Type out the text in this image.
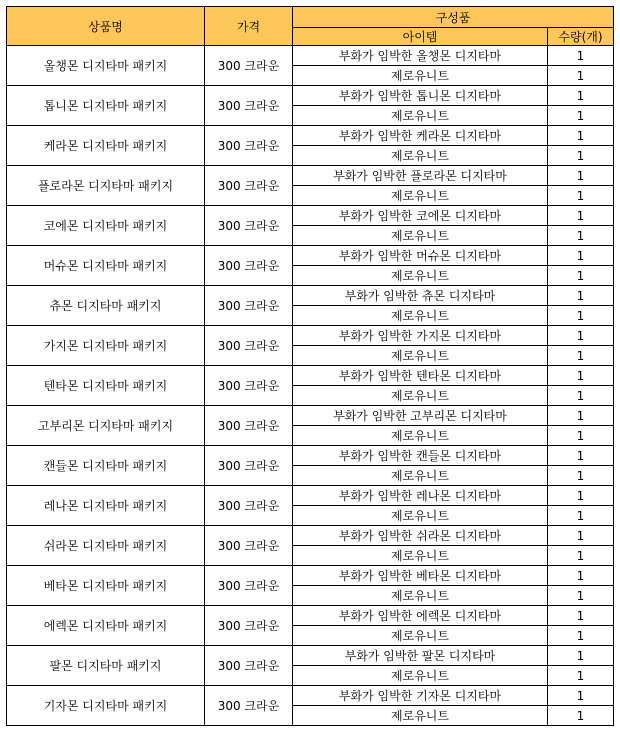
상품명	가격	구성품	
		아이템	수량(개)
올챙몬 디지타마 패키지	300 크라운	부화가 임박한 올챙몬 디지타마	1
		제로유니트	1
톱니몬 디지타마 패키지	300 크라운	부화가 임박한 톱니몬 디지타마	1
		제로유니트	1
케라몬 디지타마 패키지	300 크라운	부화가 임박한 케라몬 디지타마	1
		제로유니트	1
플로라몬 디지타마 패키지	300 크라운	부화가 임박한 플로라몬 디지타마	1
		제로유니트	1
코에몬 디지타마 패키지	300 크라운	부화가 임박한 코에몬 디지타마	1
		제로유니트	1
머슈몬 디지타마 패키지	300 크라운	부화가 임박한 머슈몬 디지타마	1
		제로유니트	1
츄몬 디지타마 패키지	300 크라운	부화가 임박한 츄몬 디지타마	1
		제로유니트	1
가지몬 디지타마 패키지	300 크라운	부화가 임박한 가지몬 디지타마	1
		제로유니트	1
텐타몬 디지타마 패키지	300 크라운	부화가 임박한 텐타몬 디지타마	1
		제로유니트	1
고부리몬 디지타마 패키지	300 크라운	부화가 임박한 고부리몬 디지타마	1
		제로유니트	1
캔들몬 디지타마 패키지	300 크라운	부화가 임박한 캔들몬 디지타마	1
		제로유니트	1
레나몬 디지타마 패키지	300 크라운	부화가 임박한 레나몬 디지타마	1
		제로유니트	1
쉬라몬 디지타마 패키지	300 크라운	부화가 임박한 쉬라몬 디지타마	1
		제로유니트	1
베타몬 디지타마 패키지	300 크라운	부화가 임박한 베타몬 디지타마	1
		제로유니트	1
에렉몬 디지타마 패키지	300 크라운	부화가 임박한 에렉몬 디지타마	1
		제로유니트	1
팔몬 디지타마 패키지	300 크라운	부화가 임박한 팔몬 디지타마	1
		제로유니트	1
기자몬 디지타마 패키지	300 크라운	부화가 임박한 기자몬 디지타마	1
		제로유니트	1
